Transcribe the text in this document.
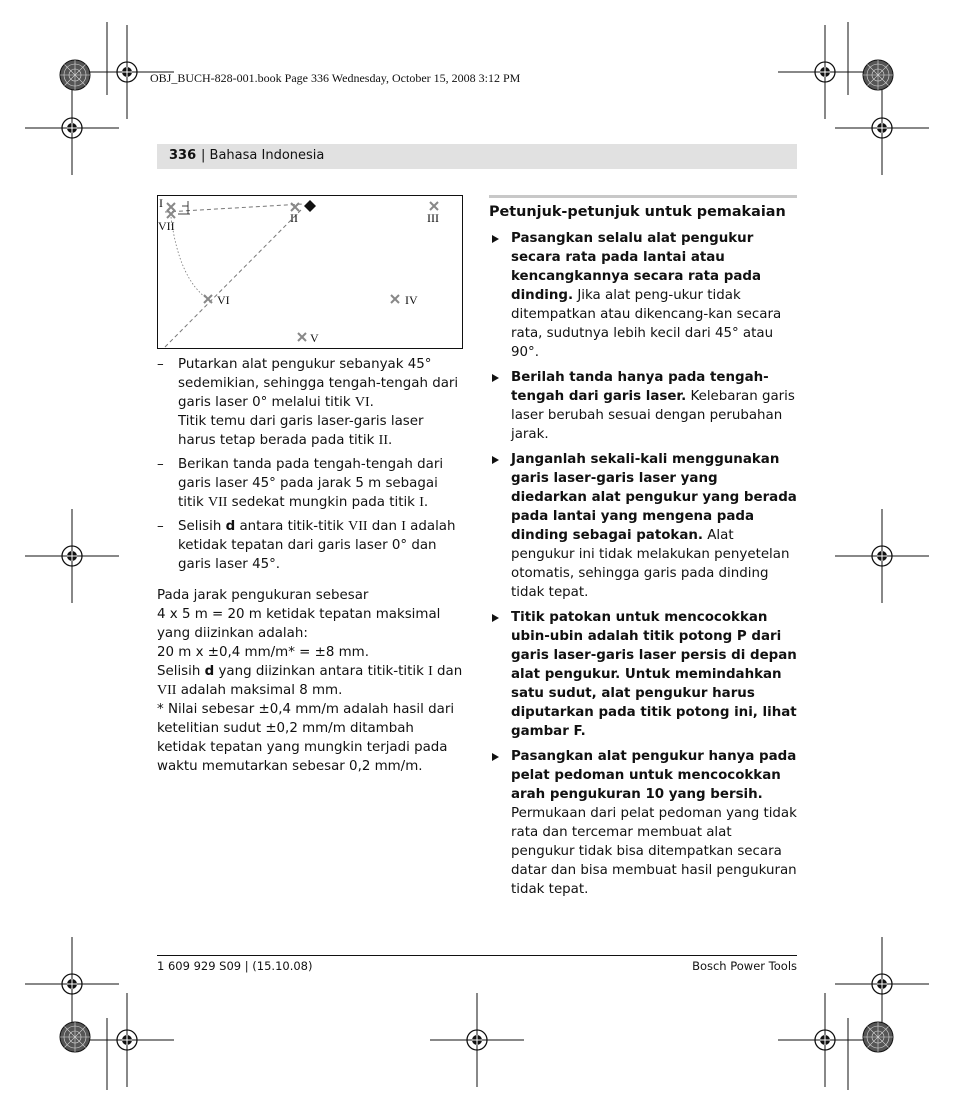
OBJ_BUCH-828-001.book Page 336 Wednesday, October 15, 2008 3:12 PM
336 | Bahasa Indonesia
I
VII
II	III
VI	IV
V
– Putarkan alat pengukur sebanyak 45° sedemikian, sehingga tengah-tengah dari garis laser 0° melalui titik VI.
Titik temu dari garis laser-garis laser harus tetap berada pada titik II.
– Berikan tanda pada tengah-tengah dari garis laser 45° pada jarak 5 m sebagai titik VII sedekat mungkin pada titik I.
– Selisih d antara titik-titik VII dan I adalah ketidak tepatan dari garis laser 0° dan garis laser 45°.

Pada jarak pengukuran sebesar

4 x 5 m = 20 m ketidak tepatan maksimal yang diizinkan adalah:

20 m x ±0,4 mm/m* = ±8 mm.

Selisih d yang diizinkan antara titik-titik I dan VII adalah maksimal 8 mm.

* Nilai sebesar ±0,4 mm/m adalah hasil dari ketelitian sudut ±0,2 mm/m ditambah ketidak tepatan yang mungkin terjadi pada waktu memutarkan sebesar 0,2 mm/m.

Petunjuk-petunjuk untuk pemakaian
Pasangkan selalu alat pengukur secara rata pada lantai atau kencangkannya secara rata pada dinding. Jika alat peng-ukur tidak ditempatkan atau dikencang-kan secara rata, sudutnya lebih kecil dari 45° atau 90°.
Berilah tanda hanya pada tengah-tengah dari garis laser. Kelebaran garis laser berubah sesuai dengan perubahan jarak.
Janganlah sekali-kali menggunakan garis laser-garis laser yang diedarkan alat pengukur yang berada pada lantai yang mengena pada dinding sebagai patokan. Alat pengukur ini tidak melakukan penyetelan otomatis, sehingga garis pada dinding tidak tepat.
Titik patokan untuk mencocokkan ubin-ubin adalah titik potong P dari garis laser-garis laser persis di depan alat pengukur. Untuk memindahkan satu sudut, alat pengukur harus diputarkan pada titik potong ini, lihat gambar F.
Pasangkan alat pengukur hanya pada pelat pedoman untuk mencocokkan arah pengukuran 10 yang bersih. Permukaan dari pelat pedoman yang tidak rata dan tercemar membuat alat pengukur tidak bisa ditempatkan secara datar dan bisa membuat hasil pengukuran tidak tepat.
1 609 929 S09 | (15.10.08)	Bosch Power Tools
